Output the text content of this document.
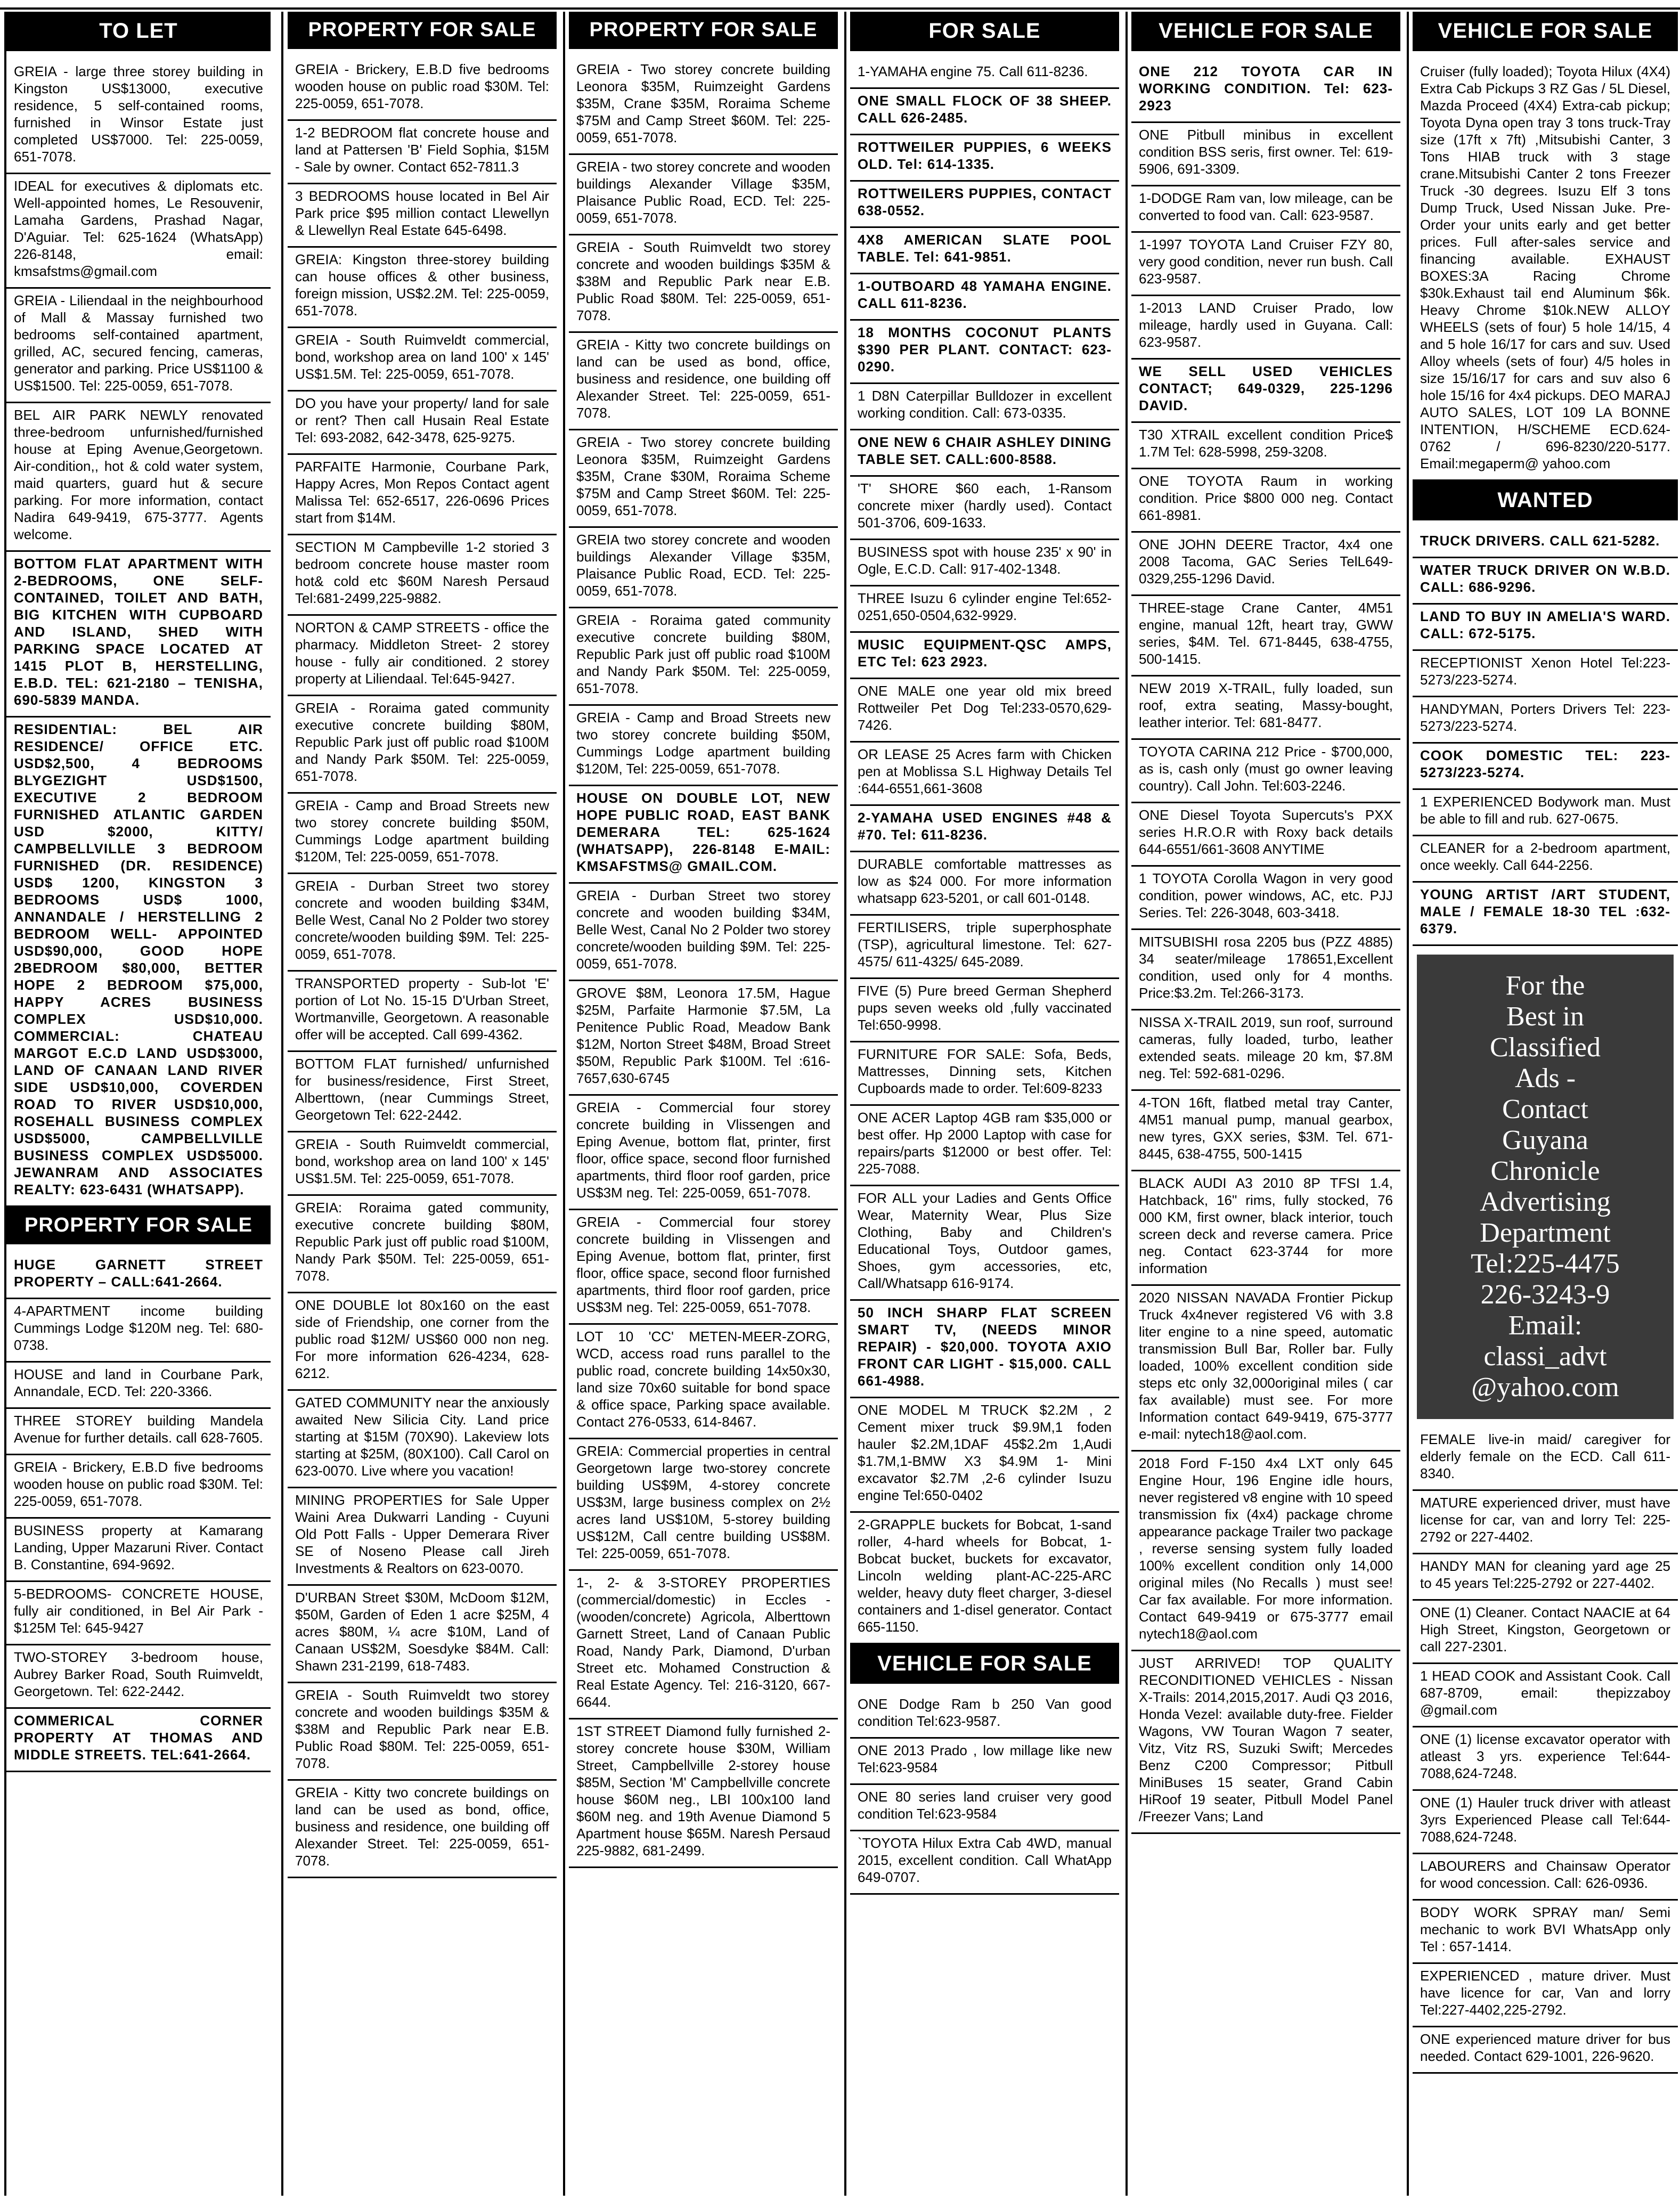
TO LET
GREIA - large three storey building in Kingston US$13000, executive residence, 5 self-contained rooms, furnished in Winsor Estate just completed US$7000. Tel: 225-0059, 651-7078.
IDEAL for executives & diplomats etc. Well-appointed homes, Le Resouvenir, Lamaha Gardens, Prashad Nagar, D'Aguiar. Tel: 625-1624 (WhatsApp) 226-8148, email: kmsafstms@gmail.com
GREIA - Liliendaal in the neighbourhood of Mall & Massay furnished two bedrooms self-contained apartment, grilled, AC, secured fencing, cameras, generator and parking. Price US$1100 & US$1500. Tel: 225-0059, 651-7078.
BEL AIR PARK NEWLY renovated three-bedroom unfurnished/furnished house at Eping Avenue,Georgetown. Air-condition,, hot & cold water system, maid quarters, guard hut & secure parking. For more information, contact Nadira 649-9419, 675-3777. Agents welcome.
BOTTOM FLAT APARTMENT WITH 2-BEDROOMS, ONE SELF-CONTAINED, TOILET AND BATH, BIG KITCHEN WITH CUPBOARD AND ISLAND, SHED WITH PARKING SPACE LOCATED AT 1415 PLOT B, HERSTELLING, E.B.D. TEL: 621-2180 – TENISHA, 690-5839 MANDA.
RESIDENTIAL: BEL AIR RESIDENCE/ OFFICE ETC. USD$2,500, 4 BEDROOMS BLYGEZIGHT USD$1500, EXECUTIVE 2 BEDROOM FURNISHED ATLANTIC GARDEN USD $2000, KITTY/ CAMPBELLVILLE 3 BEDROOM FURNISHED (DR. RESIDENCE) USD$ 1200, KINGSTON 3 BEDROOMS USD$ 1000, ANNANDALE / HERSTELLING 2 BEDROOM WELL- APPOINTED USD$90,000, GOOD HOPE 2BEDROOM $80,000, BETTER HOPE 2 BEDROOM $75,000, HAPPY ACRES BUSINESS COMPLEX USD$10,000. COMMERCIAL: CHATEAU MARGOT E.C.D LAND USD$3000, LAND OF CANAAN LAND RIVER SIDE USD$10,000, COVERDEN ROAD TO RIVER USD$10,000, ROSEHALL BUSINESS COMPLEX USD$5000, CAMPBELLVILLE BUSINESS COMPLEX USD$5000. JEWANRAM AND ASSOCIATES REALTY: 623-6431 (WHATSAPP).
PROPERTY FOR SALE
HUGE GARNETT STREET PROPERTY – CALL:641-2664.
4-APARTMENT income building Cummings Lodge $120M neg. Tel: 680-0738.
HOUSE and land in Courbane Park, Annandale, ECD. Tel: 220-3366.
THREE STOREY building Mandela Avenue for further details. call 628-7605.
GREIA - Brickery, E.B.D five bedrooms wooden house on public road $30M. Tel: 225-0059, 651-7078.
BUSINESS property at Kamarang Landing, Upper Mazaruni River. Contact B. Constantine, 694-9692.
5-BEDROOMS- CONCRETE HOUSE, fully air conditioned, in Bel Air Park - $125M Tel: 645-9427
TWO-STOREY 3-bedroom house, Aubrey Barker Road, South Ruimveldt, Georgetown. Tel: 622-2442.
COMMERICAL CORNER PROPERTY AT THOMAS AND MIDDLE STREETS. TEL:641-2664.
PROPERTY FOR SALE
GREIA - Brickery, E.B.D five bedrooms wooden house on public road $30M. Tel: 225-0059, 651-7078.
1-2 BEDROOM flat concrete house and land at Pattersen 'B' Field Sophia, $15M - Sale by owner. Contact 652-7811.3
3 BEDROOMS house located in Bel Air Park price $95 million contact Llewellyn & Llewellyn Real Estate 645-6498.
GREIA: Kingston three-storey building can house offices & other business, foreign mission, US$2.2M. Tel: 225-0059, 651-7078.
GREIA - South Ruimveldt commercial, bond, workshop area on land 100' x 145' US$1.5M. Tel: 225-0059, 651-7078.
DO you have your property/ land for sale or rent? Then call Husain Real Estate Tel: 693-2082, 642-3478, 625-9275.
PARFAITE Harmonie, Courbane Park, Happy Acres, Mon Repos Contact agent Malissa Tel: 652-6517, 226-0696 Prices start from $14M.
SECTION M Campbeville 1-2 storied 3 bedroom concrete house master room hot& cold etc $60M Naresh Persaud Tel:681-2499,225-9882.
NORTON & CAMP STREETS - office the pharmacy. Middleton Street- 2 storey house - fully air conditioned. 2 storey property at Liliendaal. Tel:645-9427.
GREIA - Roraima gated community executive concrete building $80M, Republic Park just off public road $100M and Nandy Park $50M. Tel: 225-0059, 651-7078.
GREIA - Camp and Broad Streets new two storey concrete building $50M, Cummings Lodge apartment building $120M, Tel: 225-0059, 651-7078.
GREIA - Durban Street two storey concrete and wooden building $34M, Belle West, Canal No 2 Polder two storey concrete/wooden building $9M. Tel: 225-0059, 651-7078.
TRANSPORTED property - Sub-lot 'E' portion of Lot No. 15-15 D'Urban Street, Wortmanville, Georgetown. A reasonable offer will be accepted. Call 699-4362.
BOTTOM FLAT furnished/ unfurnished for business/residence, First Street, Alberttown, (near Cummings Street, Georgetown Tel: 622-2442.
GREIA - South Ruimveldt commercial, bond, workshop area on land 100' x 145' US$1.5M. Tel: 225-0059, 651-7078.
GREIA: Roraima gated community, executive concrete building $80M, Republic Park just off public road $100M, Nandy Park $50M. Tel: 225-0059, 651-7078.
ONE DOUBLE lot 80x160 on the east side of Friendship, one corner from the public road $12M/ US$60 000 non neg. For more information 626-4234, 628-6212.
GATED COMMUNITY near the anxiously awaited New Silicia City. Land price starting at $15M (70X90). Lakeview lots starting at $25M, (80X100). Call Carol on 623-0070. Live where you vacation!
MINING PROPERTIES for Sale Upper Waini Area Dukwarri Landing - Cuyuni Old Pott Falls - Upper Demerara River SE of Noseno Please call Jireh Investments & Realtors on 623-0070.
D'URBAN Street $30M, McDoom $12M, $50M, Garden of Eden 1 acre $25M, 4 acres $80M, ¼ acre $10M, Land of Canaan US$2M, Soesdyke $84M. Call: Shawn 231-2199, 618-7483.
GREIA - South Ruimveldt two storey concrete and wooden buildings $35M & $38M and Republic Park near E.B. Public Road $80M. Tel: 225-0059, 651-7078.
GREIA - Kitty two concrete buildings on land can be used as bond, office, business and residence, one building off Alexander Street. Tel: 225-0059, 651-7078.
PROPERTY FOR SALE
GREIA - Two storey concrete building Leonora $35M, Ruimzeight Gardens $35M, Crane $35M, Roraima Scheme $75M and Camp Street $60M. Tel: 225-0059, 651-7078.
GREIA - two storey concrete and wooden buildings Alexander Village $35M, Plaisance Public Road, ECD. Tel: 225-0059, 651-7078.
GREIA - South Ruimveldt two storey concrete and wooden buildings $35M & $38M and Republic Park near E.B. Public Road $80M. Tel: 225-0059, 651-7078.
GREIA - Kitty two concrete buildings on land can be used as bond, office, business and residence, one building off Alexander Street. Tel: 225-0059, 651-7078.
GREIA - Two storey concrete building Leonora $35M, Ruimzeight Gardens $35M, Crane $30M, Roraima Scheme $75M and Camp Street $60M. Tel: 225-0059, 651-7078.
GREIA two storey concrete and wooden buildings Alexander Village $35M, Plaisance Public Road, ECD. Tel: 225-0059, 651-7078.
GREIA - Roraima gated community executive concrete building $80M, Republic Park just off public road $100M and Nandy Park $50M. Tel: 225-0059, 651-7078.
GREIA - Camp and Broad Streets new two storey concrete building $50M, Cummings Lodge apartment building $120M, Tel: 225-0059, 651-7078.
HOUSE ON DOUBLE LOT, NEW HOPE PUBLIC ROAD, EAST BANK DEMERARA TEL: 625-1624 (WHATSAPP), 226-8148 E-MAIL: KMSAFSTMS@ GMAIL.COM.
GREIA - Durban Street two storey concrete and wooden building $34M, Belle West, Canal No 2 Polder two storey concrete/wooden building $9M. Tel: 225-0059, 651-7078.
GROVE $8M, Leonora 17.5M, Hague $25M, Parfaite Harmonie $7.5M, La Penitence Public Road, Meadow Bank $12M, Norton Street $48M, Broad Street $50M, Republic Park $100M. Tel :616-7657,630-6745
GREIA - Commercial four storey concrete building in Vlissengen and Eping Avenue, bottom flat, printer, first floor, office space, second floor furnished apartments, third floor roof garden, price US$3M neg. Tel: 225-0059, 651-7078.
GREIA - Commercial four storey concrete building in Vlissengen and Eping Avenue, bottom flat, printer, first floor, office space, second floor furnished apartments, third floor roof garden, price US$3M neg. Tel: 225-0059, 651-7078.
LOT 10 'CC' METEN-MEER-ZORG, WCD, access road runs parallel to the public road, concrete building 14x50x30, land size 70x60 suitable for bond space & office space, Parking space available. Contact 276-0533, 614-8467.
GREIA: Commercial properties in central Georgetown large two-storey concrete building US$9M, 4-storey concrete US$3M, large business complex on 2½ acres land US$10M, 5-storey building US$12M, Call centre building US$8M. Tel: 225-0059, 651-7078.
1-, 2- & 3-STOREY PROPERTIES (commercial/domestic) in Eccles - (wooden/concrete) Agricola, Alberttown Garnett Street, Land of Canaan Public Road, Nandy Park, Diamond, D'urban Street etc. Mohamed Construction & Real Estate Agency. Tel: 216-3120, 667-6644.
1ST STREET Diamond fully furnished 2-storey concrete house $30M, William Street, Campbellville 2-storey house $85M, Section 'M' Campbellville concrete house $60M neg., LBI 100x100 land $60M neg. and 19th Avenue Diamond 5 Apartment house $65M. Naresh Persaud 225-9882, 681-2499.
FOR SALE
1-YAMAHA engine 75. Call 611-8236.
ONE SMALL FLOCK OF 38 SHEEP. CALL 626-2485.
ROTTWEILER PUPPIES, 6 WEEKS OLD. Tel: 614-1335.
ROTTWEILERS PUPPIES, CONTACT 638-0552.
4X8 AMERICAN SLATE POOL TABLE. Tel: 641-9851.
1-OUTBOARD 48 YAMAHA ENGINE. CALL 611-8236.
18 MONTHS COCONUT PLANTS $390 PER PLANT. CONTACT: 623-0290.
1 D8N Caterpillar Bulldozer in excellent working condition. Call: 673-0335.
ONE NEW 6 CHAIR ASHLEY DINING TABLE SET. CALL:600-8588.
'T' SHORE $60 each, 1-Ransom concrete mixer (hardly used). Contact 501-3706, 609-1633.
BUSINESS spot with house 235' x 90' in Ogle, E.C.D. Call: 917-402-1348.
THREE Isuzu 6 cylinder engine Tel:652-0251,650-0504,632-9929.
MUSIC EQUIPMENT-QSC AMPS, ETC Tel: 623 2923.
ONE MALE one year old mix breed Rottweiler Pet Dog Tel:233-0570,629-7426.
OR LEASE 25 Acres farm with Chicken pen at Moblissa S.L Highway Details Tel :644-6551,661-3608
2-YAMAHA USED ENGINES #48 & #70. Tel: 611-8236.
DURABLE comfortable mattresses as low as $24 000. For more information whatsapp 623-5201, or call 601-0148.
FERTILISERS, triple superphosphate (TSP), agricultural limestone. Tel: 627-4575/ 611-4325/ 645-2089.
FIVE (5) Pure breed German Shepherd pups seven weeks old ,fully vaccinated Tel:650-9998.
FURNITURE FOR SALE: Sofa, Beds, Mattresses, Dinning sets, Kitchen Cupboards made to order. Tel:609-8233
ONE ACER Laptop 4GB ram $35,000 or best offer. Hp 2000 Laptop with case for repairs/parts $12000 or best offer. Tel: 225-7088.
FOR ALL your Ladies and Gents Office Wear, Maternity Wear, Plus Size Clothing, Baby and Children's Educational Toys, Outdoor games, Shoes, gym accessories, etc, Call/Whatsapp 616-9174.
50 INCH SHARP FLAT SCREEN SMART TV, (NEEDS MINOR REPAIR) - $20,000. TOYOTA AXIO FRONT CAR LIGHT - $15,000. CALL 661-4988.
ONE MODEL M TRUCK $2.2M , 2 Cement mixer truck $9.9M,1 foden hauler $2.2M,1DAF 45$2.2m 1,Audi $1.7M,1-BMW X3 $4.9M 1- Mini excavator $2.7M ,2-6 cylinder Isuzu engine Tel:650-0402
2-GRAPPLE buckets for Bobcat, 1-sand roller, 4-hard wheels for Bobcat, 1-Bobcat bucket, buckets for excavator, Lincoln welding plant-AC-225-ARC welder, heavy duty fleet charger, 3-diesel containers and 1-disel generator. Contact 665-1150.
VEHICLE FOR SALE
ONE Dodge Ram b 250 Van good condition Tel:623-9587.
ONE 2013 Prado , low millage like new Tel:623-9584
ONE 80 series land cruiser very good condition Tel:623-9584
`TOYOTA Hilux Extra Cab 4WD, manual 2015, excellent condition. Call WhatApp 649-0707.
VEHICLE FOR SALE
ONE 212 TOYOTA CAR IN WORKING CONDITION. Tel: 623-2923
ONE Pitbull minibus in excellent condition BSS seris, first owner. Tel: 619-5906, 691-3309.
1-DODGE Ram van, low mileage, can be converted to food van. Call: 623-9587.
1-1997 TOYOTA Land Cruiser FZY 80, very good condition, never run bush. Call 623-9587.
1-2013 LAND Cruiser Prado, low mileage, hardly used in Guyana. Call: 623-9587.
WE SELL USED VEHICLES CONTACT; 649-0329, 225-1296 DAVID.
T30 XTRAIL excellent condition Price$ 1.7M Tel: 628-5998, 259-3208.
ONE TOYOTA Raum in working condition. Price $800 000 neg. Contact 661-8981.
ONE JOHN DEERE Tractor, 4x4 one 2008 Tacoma, GAC Series TelL649-0329,255-1296 David.
THREE-stage Crane Canter, 4M51 engine, manual 12ft, heart tray, GWW series, $4M. Tel. 671-8445, 638-4755, 500-1415.
NEW 2019 X-TRAIL, fully loaded, sun roof, extra seating, Massy-bought, leather interior. Tel: 681-8477.
TOYOTA CARINA 212 Price - $700,000, as is, cash only (must go owner leaving country). Call John. Tel:603-2246.
ONE Diesel Toyota Supercuts's PXX series H.R.O.R with Roxy back details 644-6551/661-3608 ANYTIME
1 TOYOTA Corolla Wagon in very good condition, power windows, AC, etc. PJJ Series. Tel: 226-3048, 603-3418.
MITSUBISHI rosa 2205 bus (PZZ 4885) 34 seater/mileage 178651,Excellent condition, used only for 4 months. Price:$3.2m. Tel:266-3173.
NISSA X-TRAIL 2019, sun roof, surround cameras, fully loaded, turbo, leather extended seats. mileage 20 km, $7.8M neg. Tel: 592-681-0296.
4-TON 16ft, flatbed metal tray Canter, 4M51 manual pump, manual gearbox, new tyres, GXX series, $3M. Tel. 671-8445, 638-4755, 500-1415
BLACK AUDI A3 2010 8P TFSI 1.4, Hatchback, 16" rims, fully stocked, 76 000 KM, first owner, black interior, touch screen deck and reverse camera. Price neg. Contact 623-3744 for more information
2020 NISSAN NAVADA Frontier Pickup Truck 4x4never registered V6 with 3.8 liter engine to a nine speed, automatic transmission Bull Bar, Roller bar. Fully loaded, 100% excellent condition side steps etc only 32,000original miles ( car fax available) must see. For more Information contact 649-9419, 675-3777 e-mail: nytech18@aol.com.
2018 Ford F-150 4x4 LXT only 645 Engine Hour, 196 Engine idle hours, never registered v8 engine with 10 speed transmission fix (4x4) package chrome appearance package Trailer two package , reverse sensing system fully loaded 100% excellent condition only 14,000 original miles (No Recalls ) must see! Car fax available. For more information. Contact 649-9419 or 675-3777 email nytech18@aol.com
JUST ARRIVED! TOP QUALITY RECONDITIONED VEHICLES - Nissan X-Trails: 2014,2015,2017. Audi Q3 2016, Honda Vezel: available duty-free. Fielder Wagons, VW Touran Wagon 7 seater, Vitz, Vitz RS, Suzuki Swift; Mercedes Benz C200 Compressor; Pitbull MiniBuses 15 seater, Grand Cabin HiRoof 19 seater, Pitbull Model Panel /Freezer Vans; Land
VEHICLE FOR SALE
Cruiser (fully loaded); Toyota Hilux (4X4) Extra Cab Pickups 3 RZ Gas / 5L Diesel, Mazda Proceed (4X4) Extra-cab pickup; Toyota Dyna open tray 3 tons truck-Tray size (17ft x 7ft) ,Mitsubishi Canter, 3 Tons HIAB truck with 3 stage crane.Mitsubishi Canter 2 tons Freezer Truck -30 degrees. Isuzu Elf 3 tons Dump Truck, Used Nissan Juke. Pre-Order your units early and get better prices. Full after-sales service and financing available. EXHAUST BOXES:3A Racing Chrome $30k.Exhaust tail end Aluminum $6k. Heavy Chrome $10k.NEW ALLOY WHEELS (sets of four) 5 hole 14/15, 4 and 5 hole 16/17 for cars and suv. Used Alloy wheels (sets of four) 4/5 holes in size 15/16/17 for cars and suv also 6 hole 15/16 for 4x4 pickups. DEO MARAJ AUTO SALES, LOT 109 LA BONNE INTENTION, H/SCHEME ECD.624-0762 / 696-8230/220-5177. Email:megaperm@ yahoo.com
WANTED
TRUCK DRIVERS. CALL 621-5282.
WATER TRUCK DRIVER ON W.B.D. CALL: 686-9296.
LAND TO BUY IN AMELIA'S WARD. CALL: 672-5175.
RECEPTIONIST Xenon Hotel Tel:223-5273/223-5274.
HANDYMAN, Porters Drivers Tel: 223-5273/223-5274.
COOK DOMESTIC TEL: 223-5273/223-5274.
1 EXPERIENCED Bodywork man. Must be able to fill and rub. 627-0675.
CLEANER for a 2-bedroom apartment, once weekly. Call 644-2256.
YOUNG ARTIST /ART STUDENT, MALE / FEMALE 18-30 TEL :632-6379.
For the
Best in
Classified
Ads -
Contact
Guyana
Chronicle
Advertising
Department
Tel:225-4475
226-3243-9
Email:
classi_advt
@yahoo.com
FEMALE live-in maid/ caregiver for elderly female on the ECD. Call 611-8340.
MATURE experienced driver, must have license for car, van and lorry Tel: 225-2792 or 227-4402.
HANDY MAN for cleaning yard age 25 to 45 years Tel:225-2792 or 227-4402.
ONE (1) Cleaner. Contact NAACIE at 64 High Street, Kingston, Georgetown or call 227-2301.
1 HEAD COOK and Assistant Cook. Call 687-8709, email: thepizzaboy @gmail.com
ONE (1) license excavator operator with atleast 3 yrs. experience Tel:644-7088,624-7248.
ONE (1) Hauler truck driver with atleast 3yrs Experienced Please call Tel:644-7088,624-7248.
LABOURERS and Chainsaw Operator for wood concession. Call: 626-0936.
BODY WORK SPRAY man/ Semi mechanic to work BVI WhatsApp only Tel : 657-1414.
EXPERIENCED , mature driver. Must have licence for car, Van and lorry Tel:227-4402,225-2792.
ONE experienced mature driver for bus needed. Contact 629-1001, 226-9620.
